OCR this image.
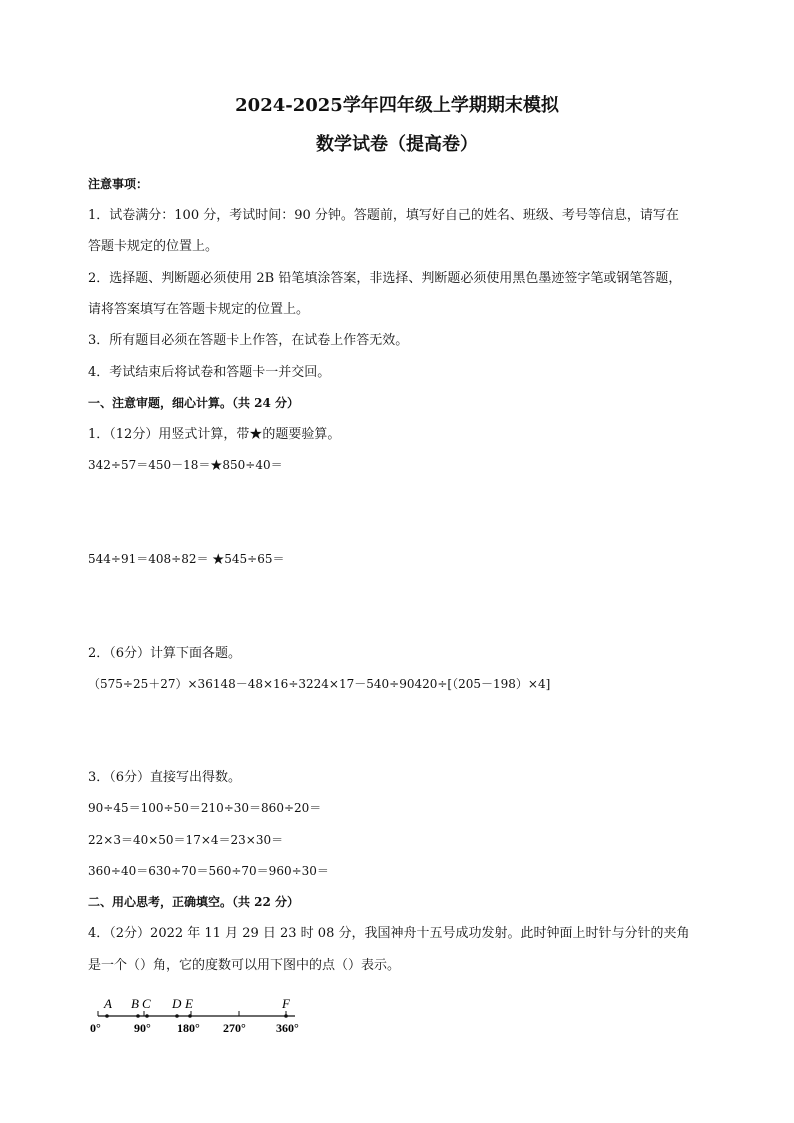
2024-2025学年四年级上学期期末模拟
数学试卷（提高卷）
注意事项：
1．试卷满分：100 分，考试时间：90 分钟。答题前，填写好自己的姓名、班级、考号等信息，请写在
答题卡规定的位置上。
2．选择题、判断题必须使用 2B 铅笔填涂答案，非选择、判断题必须使用黑色墨迹签字笔或钢笔答题，
请将答案填写在答题卡规定的位置上。
3．所有题目必须在答题卡上作答，在试卷上作答无效。
4．考试结束后将试卷和答题卡一并交回。
一、注意审题，细心计算。（共 24 分）
1．（12分）用竖式计算，带★的题要验算。
342÷57＝450－18＝★850÷40＝
544÷91＝408÷82＝ ★545÷65＝
2．（6分）计算下面各题。
（575÷25＋27）×36148－48×16÷3224×17－540÷90420÷[（205－198）×4]
3．（6分）直接写出得数。
90÷45＝100÷50＝210÷30＝860÷20＝
22×3＝40×50＝17×4＝23×30＝
360÷40＝630÷70＝560÷70＝960÷30＝
二、用心思考，正确填空。（共 22 分）
4．（2分）2022 年 11 月 29 日 23 时 08 分，我国神舟十五号成功发射。此时钟面上时针与分针的夹角
是一个（）角，它的度数可以用下图中的点（）表示。
A B C D E	F
0°	90° 180° 270°	360°
